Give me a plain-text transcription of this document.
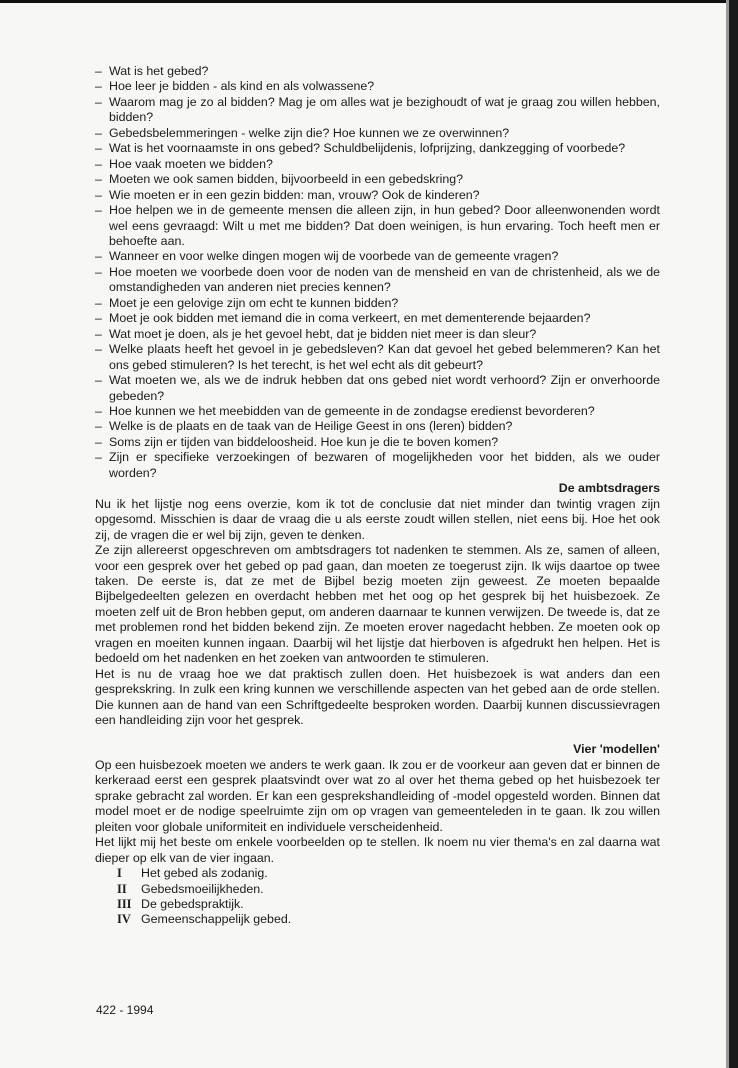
– Wat is het gebed?
– Hoe leer je bidden - als kind en als volwassene?
– Waarom mag je zo al bidden? Mag je om alles wat je bezighoudt of wat je graag zou willen hebben, bidden?
– Gebedsbelemmeringen - welke zijn die? Hoe kunnen we ze overwinnen?
– Wat is het voornaamste in ons gebed? Schuldbelijdenis, lofprijzing, dankzegging of voorbede?
– Hoe vaak moeten we bidden?
– Moeten we ook samen bidden, bijvoorbeeld in een gebedskring?
– Wie moeten er in een gezin bidden: man, vrouw? Ook de kinderen?
– Hoe helpen we in de gemeente mensen die alleen zijn, in hun gebed? Door alleenwonenden wordt wel eens gevraagd: Wilt u met me bidden? Dat doen weinigen, is hun ervaring. Toch heeft men er behoefte aan.
– Wanneer en voor welke dingen mogen wij de voorbede van de gemeente vragen?
– Hoe moeten we voorbede doen voor de noden van de mensheid en van de christenheid, als we de omstandigheden van anderen niet precies kennen?
– Moet je een gelovige zijn om echt te kunnen bidden?
– Moet je ook bidden met iemand die in coma verkeert, en met dementerende bejaarden?
– Wat moet je doen, als je het gevoel hebt, dat je bidden niet meer is dan sleur?
– Welke plaats heeft het gevoel in je gebedsleven? Kan dat gevoel het gebed belemmeren? Kan het ons gebed stimuleren? Is het terecht, is het wel echt als dit gebeurt?
– Wat moeten we, als we de indruk hebben dat ons gebed niet wordt verhoord? Zijn er onverhoorde gebeden?
– Hoe kunnen we het meebidden van de gemeente in de zondagse eredienst bevorderen?
– Welke is de plaats en de taak van de Heilige Geest in ons (leren) bidden?
– Soms zijn er tijden van biddeloosheid. Hoe kun je die te boven komen?
– Zijn er specifieke verzoekingen of bezwaren of mogelijkheden voor het bidden, als we ouder worden?
De ambtsdragers

Nu ik het lijstje nog eens overzie, kom ik tot de conclusie dat niet minder dan twintig vragen zijn opgesomd. Misschien is daar de vraag die u als eerste zoudt willen stellen, niet eens bij. Hoe het ook zij, de vragen die er wel bij zijn, geven te denken.

Ze zijn allereerst opgeschreven om ambtsdragers tot nadenken te stemmen. Als ze, samen of alleen, voor een gesprek over het gebed op pad gaan, dan moeten ze toegerust zijn. Ik wijs daartoe op twee taken. De eerste is, dat ze met de Bijbel bezig moeten zijn geweest. Ze moeten bepaalde Bijbelgedeelten gelezen en overdacht hebben met het oog op het gesprek bij het huisbezoek. Ze moeten zelf uit de Bron hebben geput, om anderen daarnaar te kunnen verwijzen. De tweede is, dat ze met problemen rond het bidden bekend zijn. Ze moeten erover nagedacht hebben. Ze moeten ook op vragen en moeiten kunnen ingaan. Daarbij wil het lijstje dat hierboven is afgedrukt hen helpen. Het is bedoeld om het nadenken en het zoeken van antwoorden te stimuleren.

Het is nu de vraag hoe we dat praktisch zullen doen. Het huisbezoek is wat anders dan een gesprekskring. In zulk een kring kunnen we verschillende aspecten van het gebed aan de orde stellen. Die kunnen aan de hand van een Schriftgedeelte besproken worden. Daarbij kunnen discussievragen een handleiding zijn voor het gesprek.

Vier 'modellen'

Op een huisbezoek moeten we anders te werk gaan. Ik zou er de voorkeur aan geven dat er binnen de kerkeraad eerst een gesprek plaatsvindt over wat zo al over het thema gebed op het huisbezoek ter sprake gebracht zal worden. Er kan een gesprekshandleiding of -model opgesteld worden. Binnen dat model moet er de nodige speelruimte zijn om op vragen van gemeenteleden in te gaan. Ik zou willen pleiten voor globale uniformiteit en individuele verscheidenheid.

Het lijkt mij het beste om enkele voorbeelden op te stellen. Ik noem nu vier thema's en zal daarna wat dieper op elk van de vier ingaan.

I Het gebed als zodanig.
II Gebedsmoeilijkheden.
III De gebedspraktijk.
IV Gemeenschappelijk gebed.
422 - 1994
